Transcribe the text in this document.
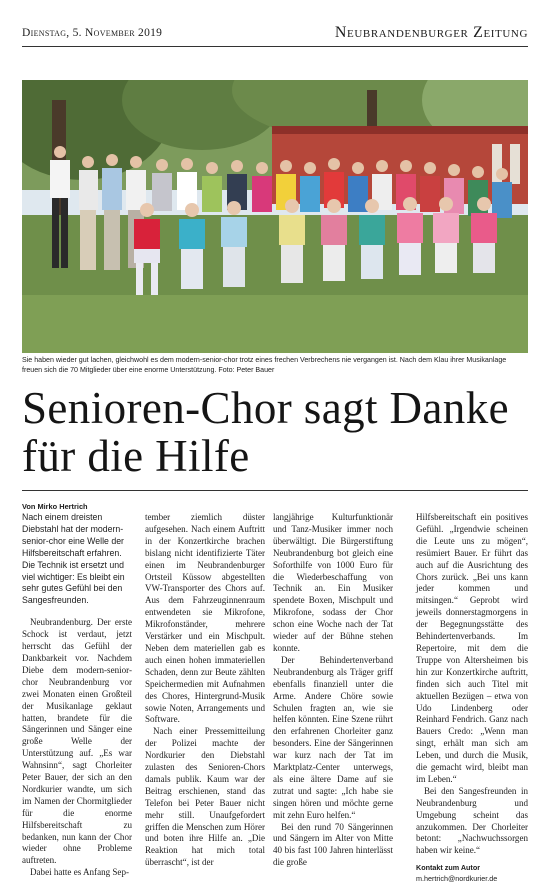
Dienstag, 5. November 2019	Neubrandenburger Zeitung
Sie haben wieder gut lachen, gleichwohl es dem modern-senior-chor trotz eines frechen Verbrechens nie vergangen ist. Nach dem Klau ihrer Musikanlage freuen sich die 70 Mitglieder über eine enorme Unterstützung. Foto: Peter Bauer
Senioren-Chor sagt Danke für die Hilfe
Von Mirko Hertrich

Nach einem dreisten Diebstahl hat der modern-senior-chor eine Welle der Hilfsbereitschaft erfahren. Die Technik ist ersetzt und viel wichtiger: Es bleibt ein sehr gutes Gefühl bei den Sangesfreunden.

Neubrandenburg. Der erste Schock ist verdaut, jetzt herrscht das Gefühl der Dankbarkeit vor. Nachdem Diebe dem modern-senior-chor Neubrandenburg vor zwei Monaten einen Großteil der Musikanlage geklaut hatten, brandete für die Sängerinnen und Sänger eine große Welle der Unterstützung auf. „Es war Wahnsinn“, sagt Chorleiter Peter Bauer, der sich an den Nordkurier wandte, um sich im Namen der Chormitglieder für die enorme Hilfsbereitschaft zu bedanken, nun kann der Chor wieder ohne Probleme auftreten.

Dabei hatte es Anfang Sep-

tember ziemlich düster aufgesehen. Nach einem Auftritt in der Konzertkirche brachen bislang nicht identifizierte Täter einen im Neubrandenburger Ortsteil Küssow abgestellten VW-Transporter des Chors auf. Aus dem Fahrzeuginnenraum entwendeten sie Mikrofone, Mikrofonständer, mehrere Verstärker und ein Mischpult. Neben dem materiellen gab es auch einen hohen immateriellen Schaden, denn zur Beute zählten Speichermedien mit Aufnahmen des Chores, Hintergrund-Musik sowie Noten, Arrangements und Software.

Nach einer Pressemitteilung der Polizei machte der Nordkurier den Diebstahl zulasten des Senioren-Chors damals publik. Kaum war der Beitrag erschienen, stand das Telefon bei Peter Bauer nicht mehr still. Unaufgefordert griffen die Menschen zum Hörer und boten ihre Hilfe an. „Die Reaktion hat mich total überrascht“, ist der

langjährige Kulturfunktionär und Tanz-Musiker immer noch überwältigt. Die Bürgerstiftung Neubrandenburg bot gleich eine Soforthilfe von 1000 Euro für die Wiederbeschaffung von Technik an. Ein Musiker spendete Boxen, Mischpult und Mikrofone, sodass der Chor schon eine Woche nach der Tat wieder auf der Bühne stehen konnte.

Der Behindertenverband Neubrandenburg als Träger griff ebenfalls finanziell unter die Arme. Andere Chöre sowie Schulen fragten an, wie sie helfen könnten. Eine Szene rührt den erfahrenen Chorleiter ganz besonders. Eine der Sängerinnen war kurz nach der Tat im Marktplatz-Center unterwegs, als eine ältere Dame auf sie zutrat und sagte: „Ich habe sie singen hören und möchte gerne mit zehn Euro helfen.“

Bei den rund 70 Sängerinnen und Sängern im Alter von Mitte 40 bis fast 100 Jahren hinterlässt die große

Hilfsbereitschaft ein positives Gefühl. „Irgendwie scheinen die Leute uns zu mögen“, resümiert Bauer. Er führt das auch auf die Ausrichtung des Chors zurück. „Bei uns kann jeder kommen und mitsingen.“ Geprobt wird jeweils donnerstagmorgens in der Begegnungsstätte des Behindertenverbands. Im Repertoire, mit dem die Truppe von Altersheimen bis hin zur Konzertkirche auftritt, finden sich auch Titel mit aktuellen Bezügen – etwa von Udo Lindenberg oder Reinhard Fendrich. Ganz nach Bauers Credo: „Wenn man singt, erhält man sich am Leben, und durch die Musik, die gemacht wird, bleibt man im Leben.“

Bei den Sangesfreunden in Neubrandenburg und Umgebung scheint das anzukommen. Der Chorleiter betont: „Nachwuchssorgen haben wir keine.“

Kontakt zum Autor

m.hertrich@nordkurier.de
